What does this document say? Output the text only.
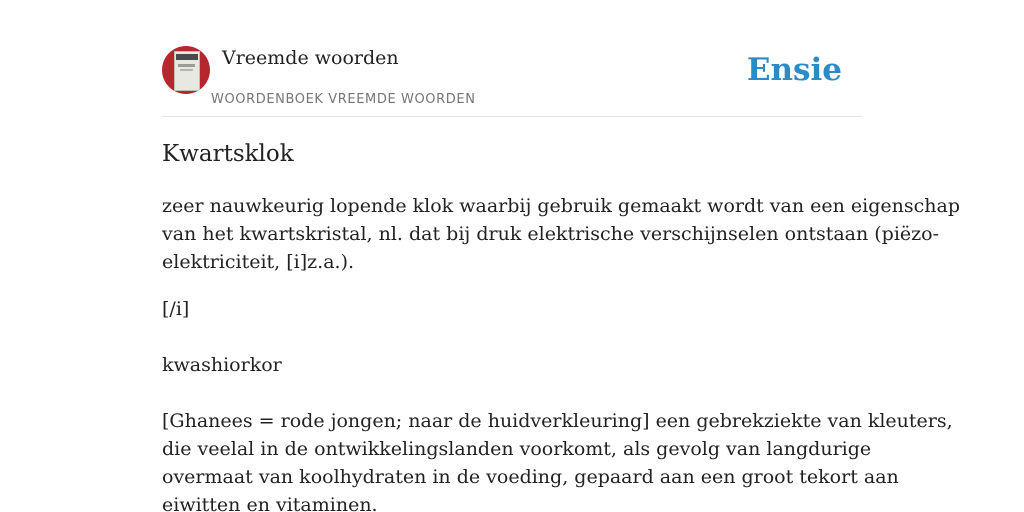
Vreemde woorden
WOORDENBOEK VREEMDE WOORDEN
Ensie
Kwartsklok

zeer nauwkeurig lopende klok waarbij gebruik gemaakt wordt van een eigenschap

van het kwartskristal, nl. dat bij druk elektrische verschijnselen ontstaan (piëzo-

elektriciteit, [i]z.a.).

[/i]

kwashiorkor

[Ghanees = rode jongen; naar de huidverkleuring] een gebrekziekte van kleuters,

die veelal in de ontwikkelingslanden voorkomt, als gevolg van langdurige

overmaat van koolhydraten in de voeding, gepaard aan een groot tekort aan

eiwitten en vitaminen.
